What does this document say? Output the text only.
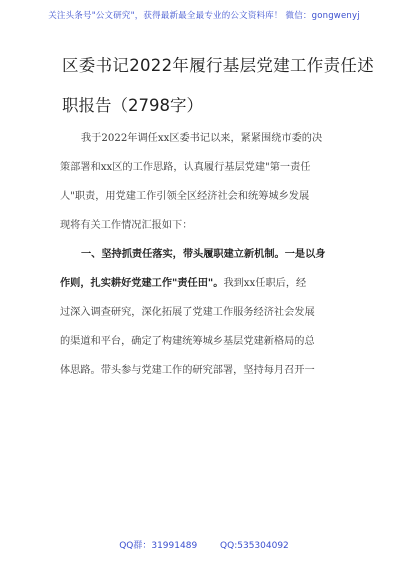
关注头条号"公文研究"，获得最新最全最专业的公文资料库！ 微信：gongwenyj
区委书记2022年履行基层党建工作责任述
职报告（2798字）

我于2022年调任xx区委书记以来，紧紧围绕市委的决
策部署和xx区的工作思路，认真履行基层党建"第一责任
人"职责，用党建工作引领全区经济社会和统筹城乡发展
现将有关工作情况汇报如下：

一、坚持抓责任落实，带头履职建立新机制。一是以身
作则，扎实耕好党建工作"责任田"。我到xx任职后，经
过深入调查研究，深化拓展了党建工作服务经济社会发展
的渠道和平台，确定了构建统筹城乡基层党建新格局的总
体思路。带头参与党建工作的研究部署，坚持每月召开一

QQ群：31991489	QQ:535304092
